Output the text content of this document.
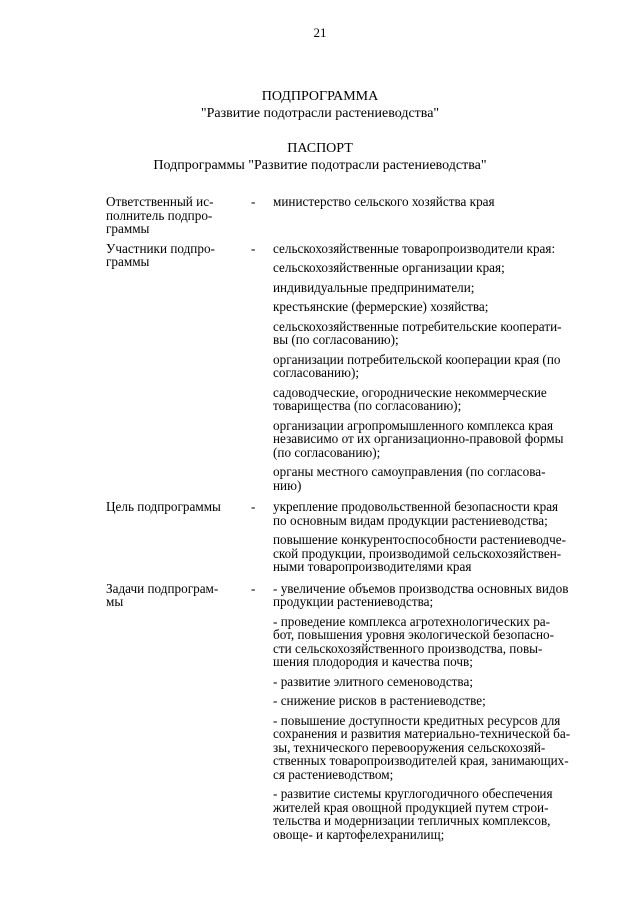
21
ПОДПРОГРАММА
"Развитие подотрасли растениеводства"
ПАСПОРТ
Подпрограммы "Развитие подотрасли растениеводства"
Ответственный ис-
полнитель подпро-
граммы
-	министерство сельского хозяйства края
Участники подпро-
граммы
-	сельскохозяйственные товаропроизводители края:
сельскохозяйственные организации края;
индивидуальные предприниматели;
крестьянские (фермерские) хозяйства;
сельскохозяйственные потребительские кооперати-
вы (по согласованию);
организации потребительской кооперации края (по
согласованию);
садоводческие, огороднические некоммерческие
товарищества (по согласованию);
организации агропромышленного комплекса края
независимо от их организационно-правовой формы
(по согласованию);
органы местного самоуправления (по согласова-
нию)
Цель подпрограммы	-	укрепление продовольственной безопасности края
по основным видам продукции растениеводства;
повышение конкурентоспособности растениеводче-
ской продукции, производимой сельскохозяйствен-
ными товаропроизводителями края
Задачи подпрограм-
мы
-	- увеличение объемов производства основных видов
продукции растениеводства;
- проведение комплекса агротехнологических ра-
бот, повышения уровня экологической безопасно-
сти сельскохозяйственного производства, повы-
шения плодородия и качества почв;
- развитие элитного семеноводства;
- снижение рисков в растениеводстве;
- повышение доступности кредитных ресурсов для
сохранения и развития материально-технической ба-
зы, технического перевооружения сельскохозяй-
ственных товаропроизводителей края, занимающих-
ся растениеводством;
- развитие системы круглогодичного обеспечения
жителей края овощной продукцией путем строи-
тельства и модернизации тепличных комплексов,
овоще- и картофелехранилищ;
